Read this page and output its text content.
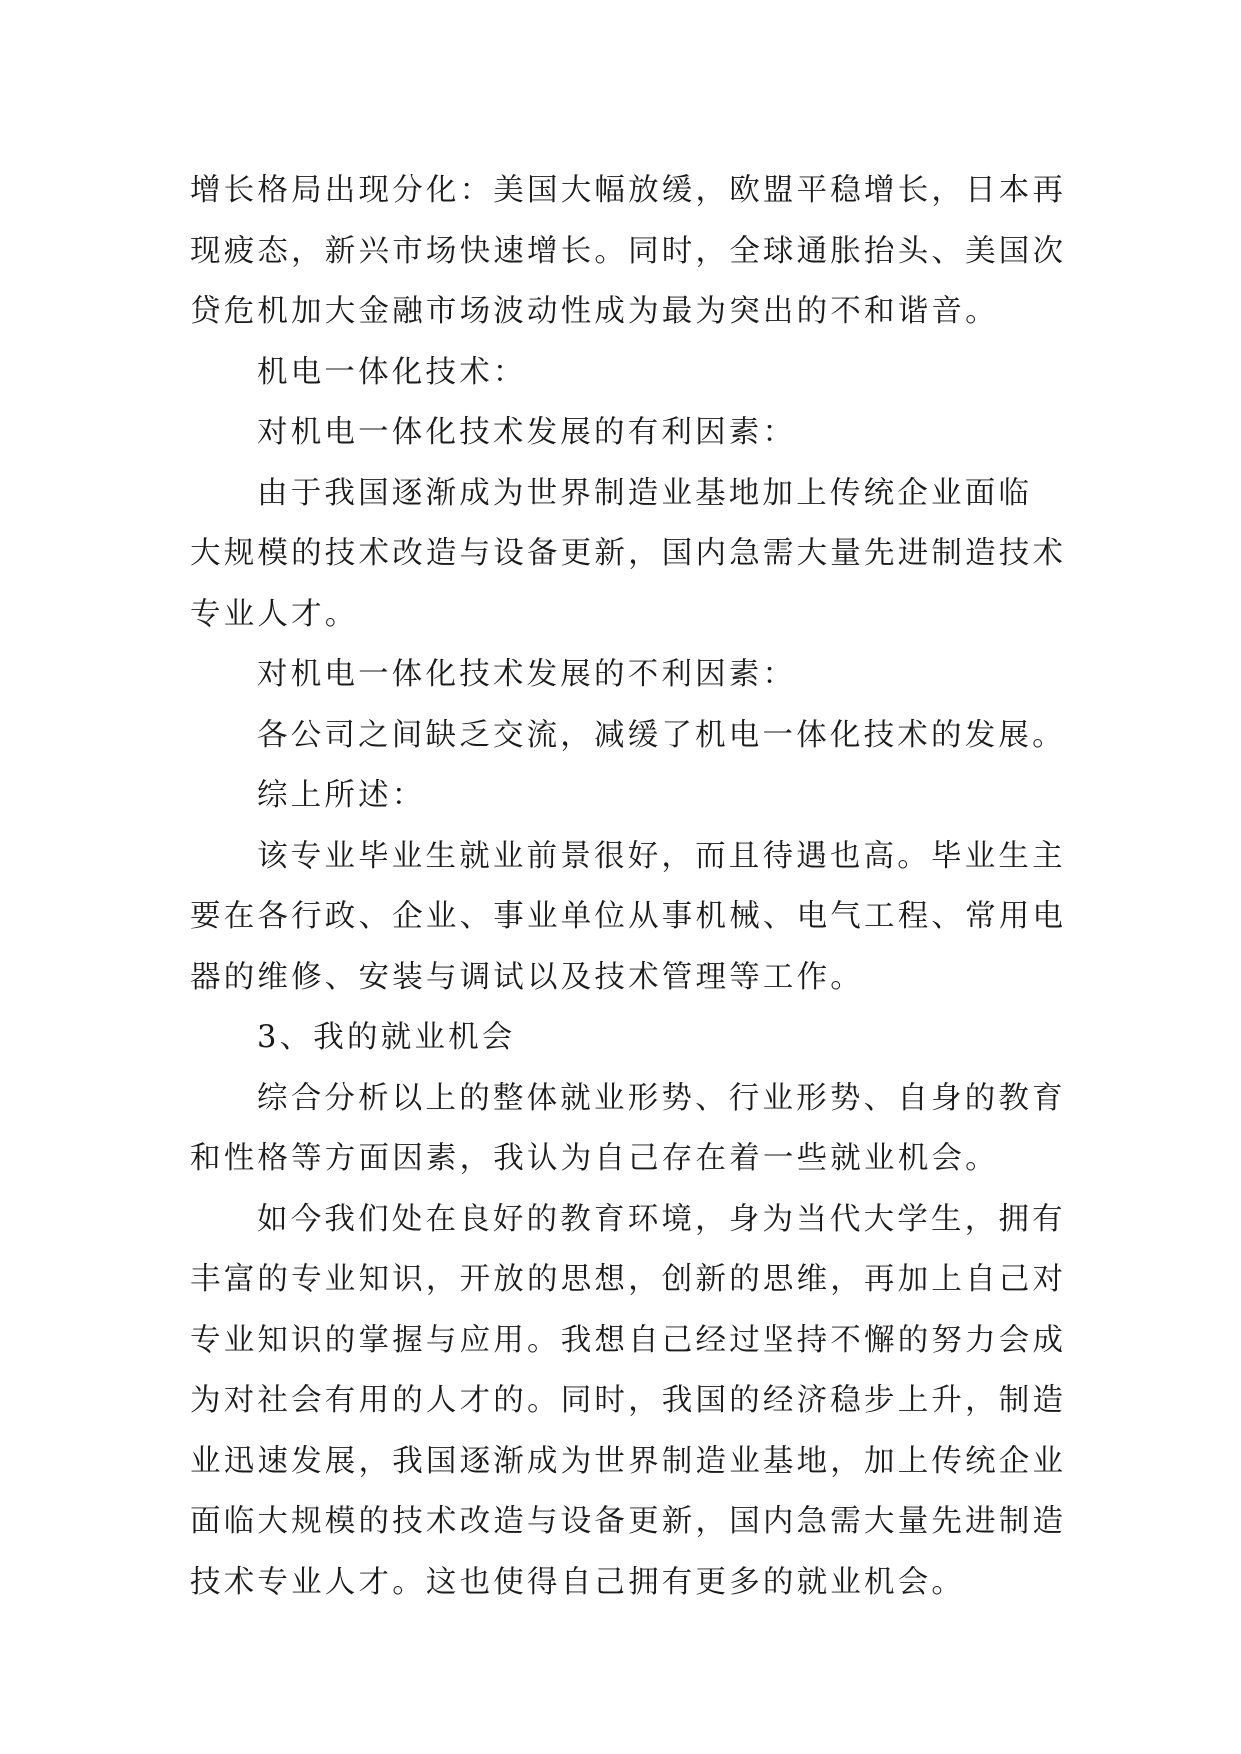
增长格局出现分化：美国大幅放缓，欧盟平稳增长，日本再
现疲态，新兴市场快速增长。同时，全球通胀抬头、美国次
贷危机加大金融市场波动性成为最为突出的不和谐音。
机电一体化技术：
对机电一体化技术发展的有利因素：
由于我国逐渐成为世界制造业基地加上传统企业面临
大规模的技术改造与设备更新，国内急需大量先进制造技术
专业人才。
对机电一体化技术发展的不利因素：
各公司之间缺乏交流，减缓了机电一体化技术的发展。
综上所述：
该专业毕业生就业前景很好，而且待遇也高。毕业生主
要在各行政、企业、事业单位从事机械、电气工程、常用电
器的维修、安装与调试以及技术管理等工作。
3、我的就业机会
综合分析以上的整体就业形势、行业形势、自身的教育
和性格等方面因素，我认为自己存在着一些就业机会。
如今我们处在良好的教育环境，身为当代大学生，拥有
丰富的专业知识，开放的思想，创新的思维，再加上自己对
专业知识的掌握与应用。我想自己经过坚持不懈的努力会成
为对社会有用的人才的。同时，我国的经济稳步上升，制造
业迅速发展，我国逐渐成为世界制造业基地，加上传统企业
面临大规模的技术改造与设备更新，国内急需大量先进制造
技术专业人才。这也使得自己拥有更多的就业机会。
